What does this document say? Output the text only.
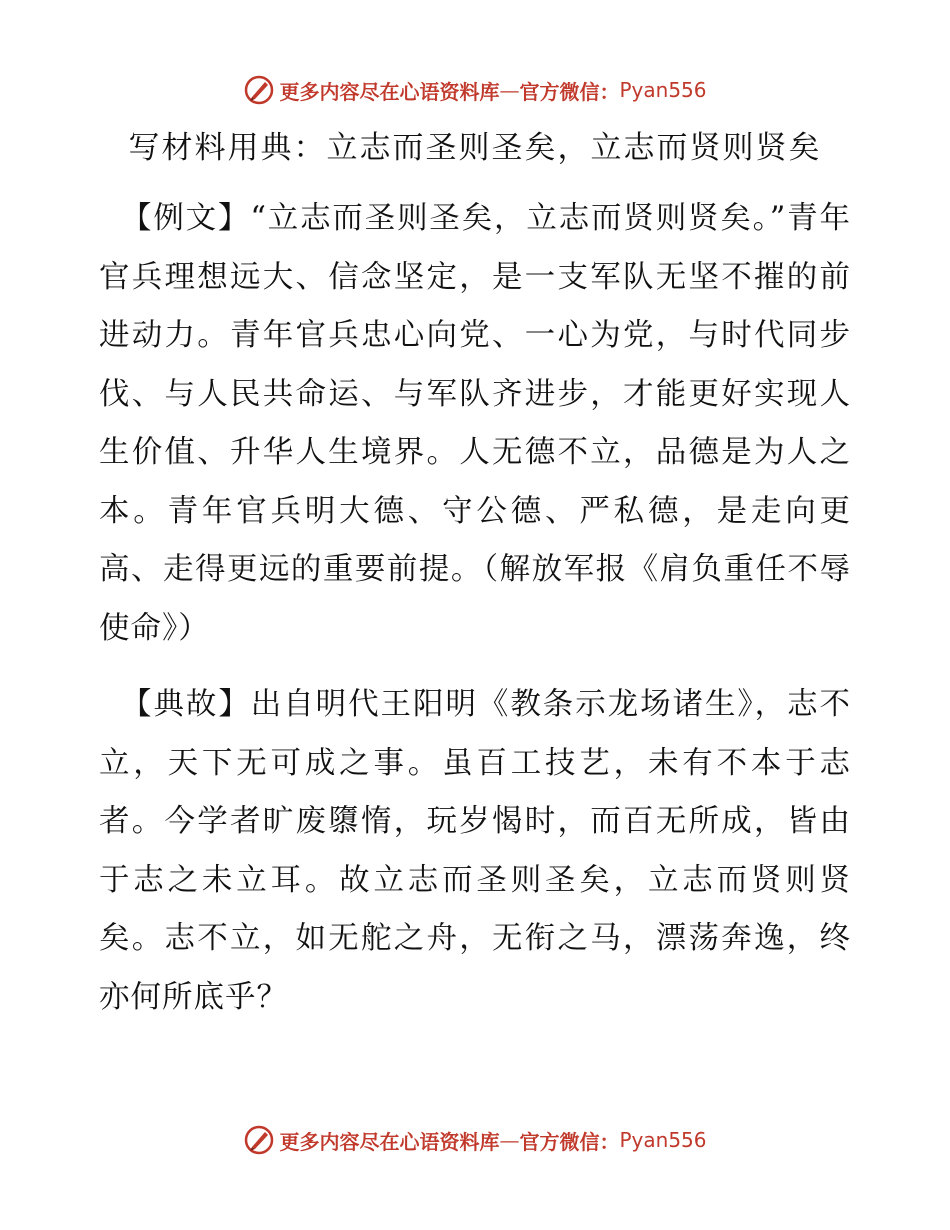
更多内容尽在心语资料库 — 官方微信： Pyan556
写材料用典：立志而圣则圣矣，立志而贤则贤矣

【例文】“立志而圣则圣矣，立志而贤则贤矣。”青年官兵理想远大、信念坚定，是一支军队无坚不摧的前进动力。青年官兵忠心向党、一心为党，与时代同步伐、与人民共命运、与军队齐进步，才能更好实现人生价值、升华人生境界。人无德不立，品德是为人之本。青年官兵明大德、守公德、严私德，是走向更高、走得更远的重要前提。（解放军报《肩负重任不辱使命》）

【典故】出自明代王阳明《教条示龙场诸生》，志不立，天下无可成之事。虽百工技艺，未有不本于志者。今学者旷废隳惰，玩岁愒时，而百无所成，皆由于志之未立耳。故立志而圣则圣矣，立志而贤则贤矣。志不立，如无舵之舟，无衔之马，漂荡奔逸，终亦何所底乎？

更多内容尽在心语资料库 — 官方微信： Pyan556
